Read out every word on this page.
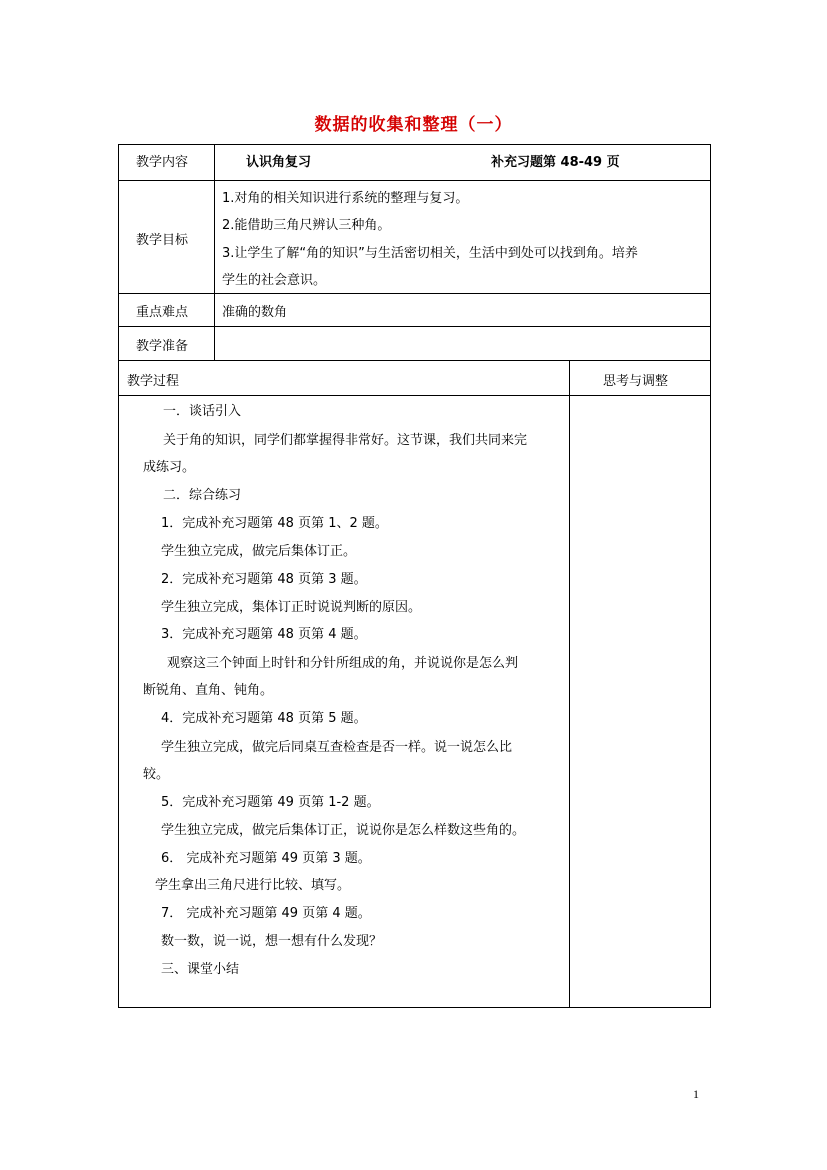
数据的收集和整理（一）
教学内容	认识角复习	补充习题第 48-49 页
教学目标
1.对角的相关知识进行系统的整理与复习。
2.能借助三角尺辨认三种角。
3.让学生了解“角的知识”与生活密切相关，生活中到处可以找到角。培养
学生的社会意识。
重点难点	准确的数角
教学准备
教学过程	思考与调整
一．谈话引入
关于角的知识，同学们都掌握得非常好。这节课，我们共同来完
成练习。
二．综合练习
1．完成补充习题第 48 页第 1、2 题。
学生独立完成，做完后集体订正。
2．完成补充习题第 48 页第 3 题。
学生独立完成，集体订正时说说判断的原因。
3．完成补充习题第 48 页第 4 题。
观察这三个钟面上时针和分针所组成的角，并说说你是怎么判
断锐角、直角、钝角。
4．完成补充习题第 48 页第 5 题。
学生独立完成，做完后同桌互查检查是否一样。说一说怎么比
较。
5．完成补充习题第 49 页第 1-2 题。
学生独立完成，做完后集体订正，说说你是怎么样数这些角的。
6． 完成补充习题第 49 页第 3 题。
学生拿出三角尺进行比较、填写。
7． 完成补充习题第 49 页第 4 题。
数一数，说一说，想一想有什么发现？
三、课堂小结
1
